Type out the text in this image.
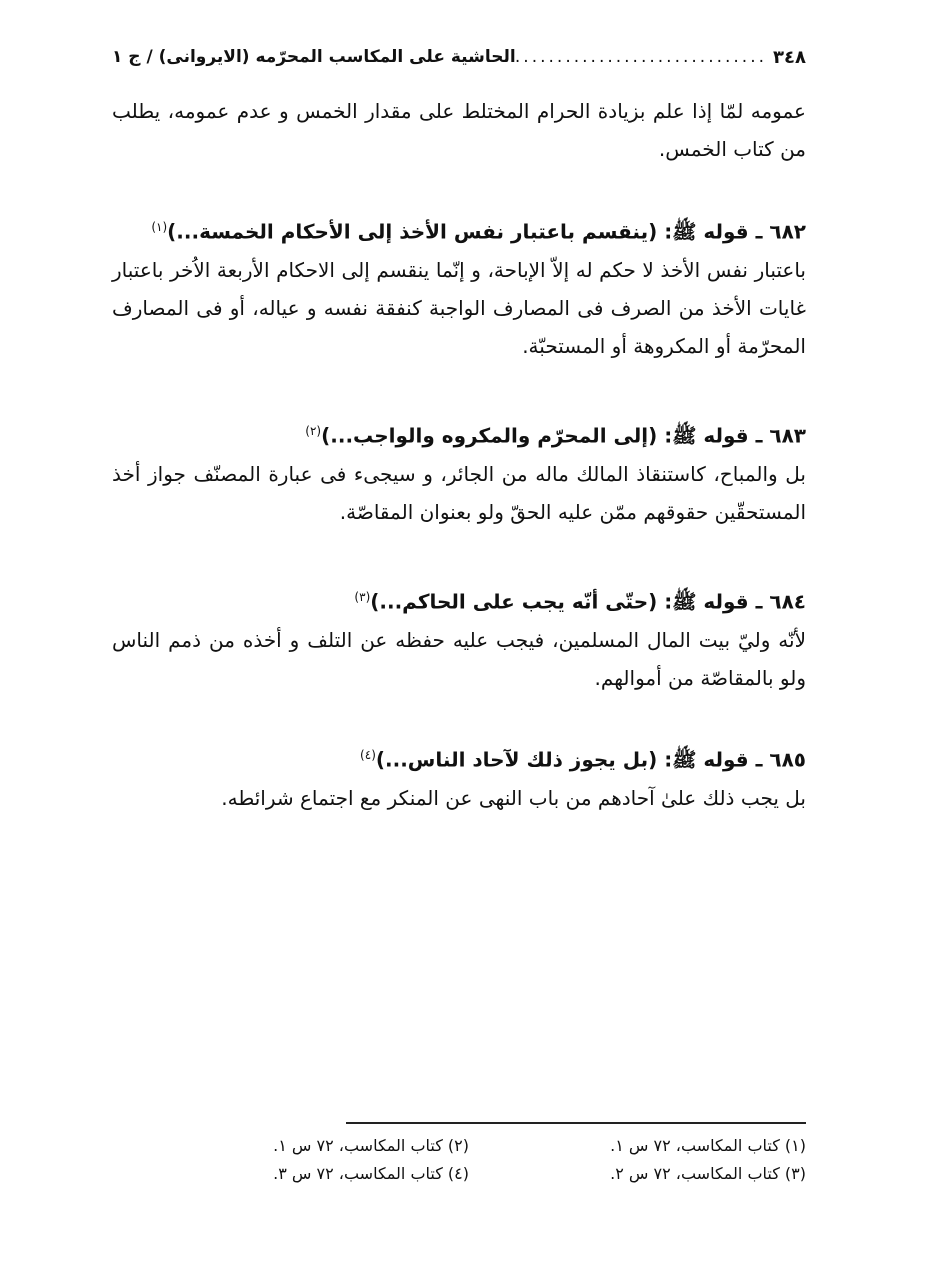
٣٤٨
.....
الحاشية على المكاسب المحرّمه (الايروانى) / ج ١
عمومه لمّا إذا علم بزيادة الحرام المختلط على مقدار الخمس و عدم عمومه، يطلب من كتاب الخمس.
٦٨٢ ـ قوله ﷺ: (ينقسم باعتبار نفس الأخذ إلى الأحكام الخمسة...)$^{(١)}$
باعتبار نفس الأخذ لا حكم له إلاّ الإباحة، و إنّما ينقسم إلى الاحكام الأربعة الاُخر باعتبار غايات الأخذ من الصرف فى المصارف الواجبة كنفقة نفسه و عياله، أو فى المصارف المحرّمة أو المكروهة أو المستحبّة.
٦٨٣ ـ قوله ﷺ: (إلى المحرّم والمكروه والواجب...)$^{(٢)}$
بل والمباح، كاستنقاذ المالك ماله من الجائر، و سيجىء فى عبارة المصنّف جواز أخذ المستحقّين حقوقهم ممّن عليه الحقّ ولو بعنوان المقاصّة.
٦٨٤ ـ قوله ﷺ: (حتّى أنّه يجب على الحاكم...)$^{(٣)}$
لأنّه وليّ بيت المال المسلمين، فيجب عليه حفظه عن التلف و أخذه من ذمم الناس ولو بالمقاصّة من أموالهم.
٦٨٥ ـ قوله ﷺ: (بل يجوز ذلك لآحاد الناس...)$^{(٤)}$
بل يجب ذلك علىٰ آحادهم من باب النهى عن المنكر مع اجتماع شرائطه.
(١) كتاب المكاسب، ٧٢ س ١.
(٢) كتاب المكاسب، ٧٢ س ١.
(٣) كتاب المكاسب، ٧٢ س ٢.
(٤) كتاب المكاسب، ٧٢ س ٣.
